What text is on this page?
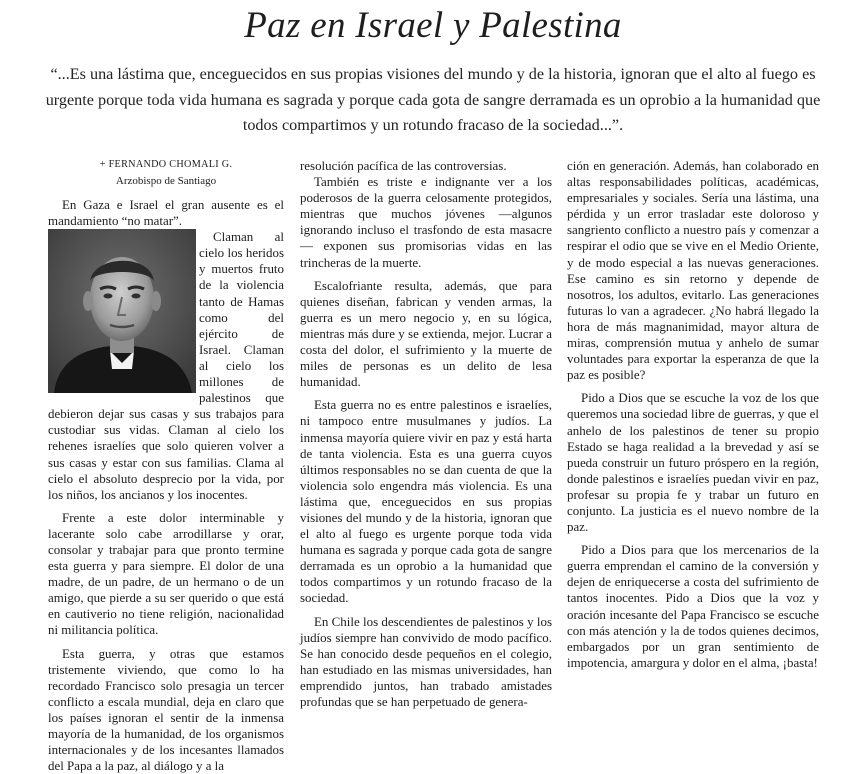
Paz en Israel y Palestina
“...Es una lástima que, enceguecidos en sus propias visiones del mundo y de la historia, ignoran que el alto al fuego es urgente porque toda vida humana es sagrada y porque cada gota de sangre derramada es un oprobio a la humanidad que todos compartimos y un rotundo fracaso de la sociedad...”.
+ FERNANDO CHOMALI G.
Arzobispo de Santiago

En Gaza e Israel el gran ausente es el mandamiento “no matar”.

Claman al cielo los heridos y muertos fruto de la violencia tanto de Hamas como del ejército de Israel. Claman al cielo los millones de palestinos que debieron dejar sus casas y sus trabajos para custodiar sus vidas. Claman al cielo los rehenes israelíes que solo quieren volver a sus casas y estar con sus familias. Clama al cielo el absoluto desprecio por la vida, por los niños, los ancianos y los inocentes.

Frente a este dolor interminable y lacerante solo cabe arrodillarse y orar, consolar y trabajar para que pronto termine esta guerra y para siempre. El dolor de una madre, de un padre, de un hermano o de un amigo, que pierde a su ser querido o que está en cautiverio no tiene religión, nacionalidad ni militancia política.

Esta guerra, y otras que estamos tristemente viviendo, que como lo ha recordado Francisco solo presagia un tercer conflicto a escala mundial, deja en claro que los países ignoran el sentir de la inmensa mayoría de la humanidad, de los organismos internacionales y de los incesantes llamados del Papa a la paz, al diálogo y a la

resolución pacífica de las controversias.

También es triste e indignante ver a los poderosos de la guerra celosamente protegidos, mientras que muchos jóvenes —algunos ignorando incluso el trasfondo de esta masacre— exponen sus promisorias vidas en las trincheras de la muerte.

Escalofriante resulta, además, que para quienes diseñan, fabrican y venden armas, la guerra es un mero negocio y, en su lógica, mientras más dure y se extienda, mejor. Lucrar a costa del dolor, el sufrimiento y la muerte de miles de personas es un delito de lesa humanidad.

Esta guerra no es entre palestinos e israelíes, ni tampoco entre musulmanes y judíos. La inmensa mayoría quiere vivir en paz y está harta de tanta violencia. Esta es una guerra cuyos últimos responsables no se dan cuenta de que la violencia solo engendra más violencia. Es una lástima que, enceguecidos en sus propias visiones del mundo y de la historia, ignoran que el alto al fuego es urgente porque toda vida humana es sagrada y porque cada gota de sangre derramada es un oprobio a la humanidad que todos compartimos y un rotundo fracaso de la sociedad.

En Chile los descendientes de palestinos y los judíos siempre han convivido de modo pacífico. Se han conocido desde pequeños en el colegio, han estudiado en las mismas universidades, han emprendido juntos, han trabado amistades profundas que se han perpetuado de genera-

ción en generación. Además, han colaborado en altas responsabilidades políticas, académicas, empresariales y sociales. Sería una lástima, una pérdida y un error trasladar este doloroso y sangriento conflicto a nuestro país y comenzar a respirar el odio que se vive en el Medio Oriente, y de modo especial a las nuevas generaciones. Ese camino es sin retorno y depende de nosotros, los adultos, evitarlo. Las generaciones futuras lo van a agradecer. ¿No habrá llegado la hora de más magnanimidad, mayor altura de miras, comprensión mutua y anhelo de sumar voluntades para exportar la esperanza de que la paz es posible?

Pido a Dios que se escuche la voz de los que queremos una sociedad libre de guerras, y que el anhelo de los palestinos de tener su propio Estado se haga realidad a la brevedad y así se pueda construir un futuro próspero en la región, donde palestinos e israelíes puedan vivir en paz, profesar su propia fe y trabar un futuro en conjunto. La justicia es el nuevo nombre de la paz.

Pido a Dios para que los mercenarios de la guerra emprendan el camino de la conversión y dejen de enriquecerse a costa del sufrimiento de tantos inocentes. Pido a Dios que la voz y oración incesante del Papa Francisco se escuche con más atención y la de todos quienes decimos, embargados por un gran sentimiento de impotencia, amargura y dolor en el alma, ¡basta!
